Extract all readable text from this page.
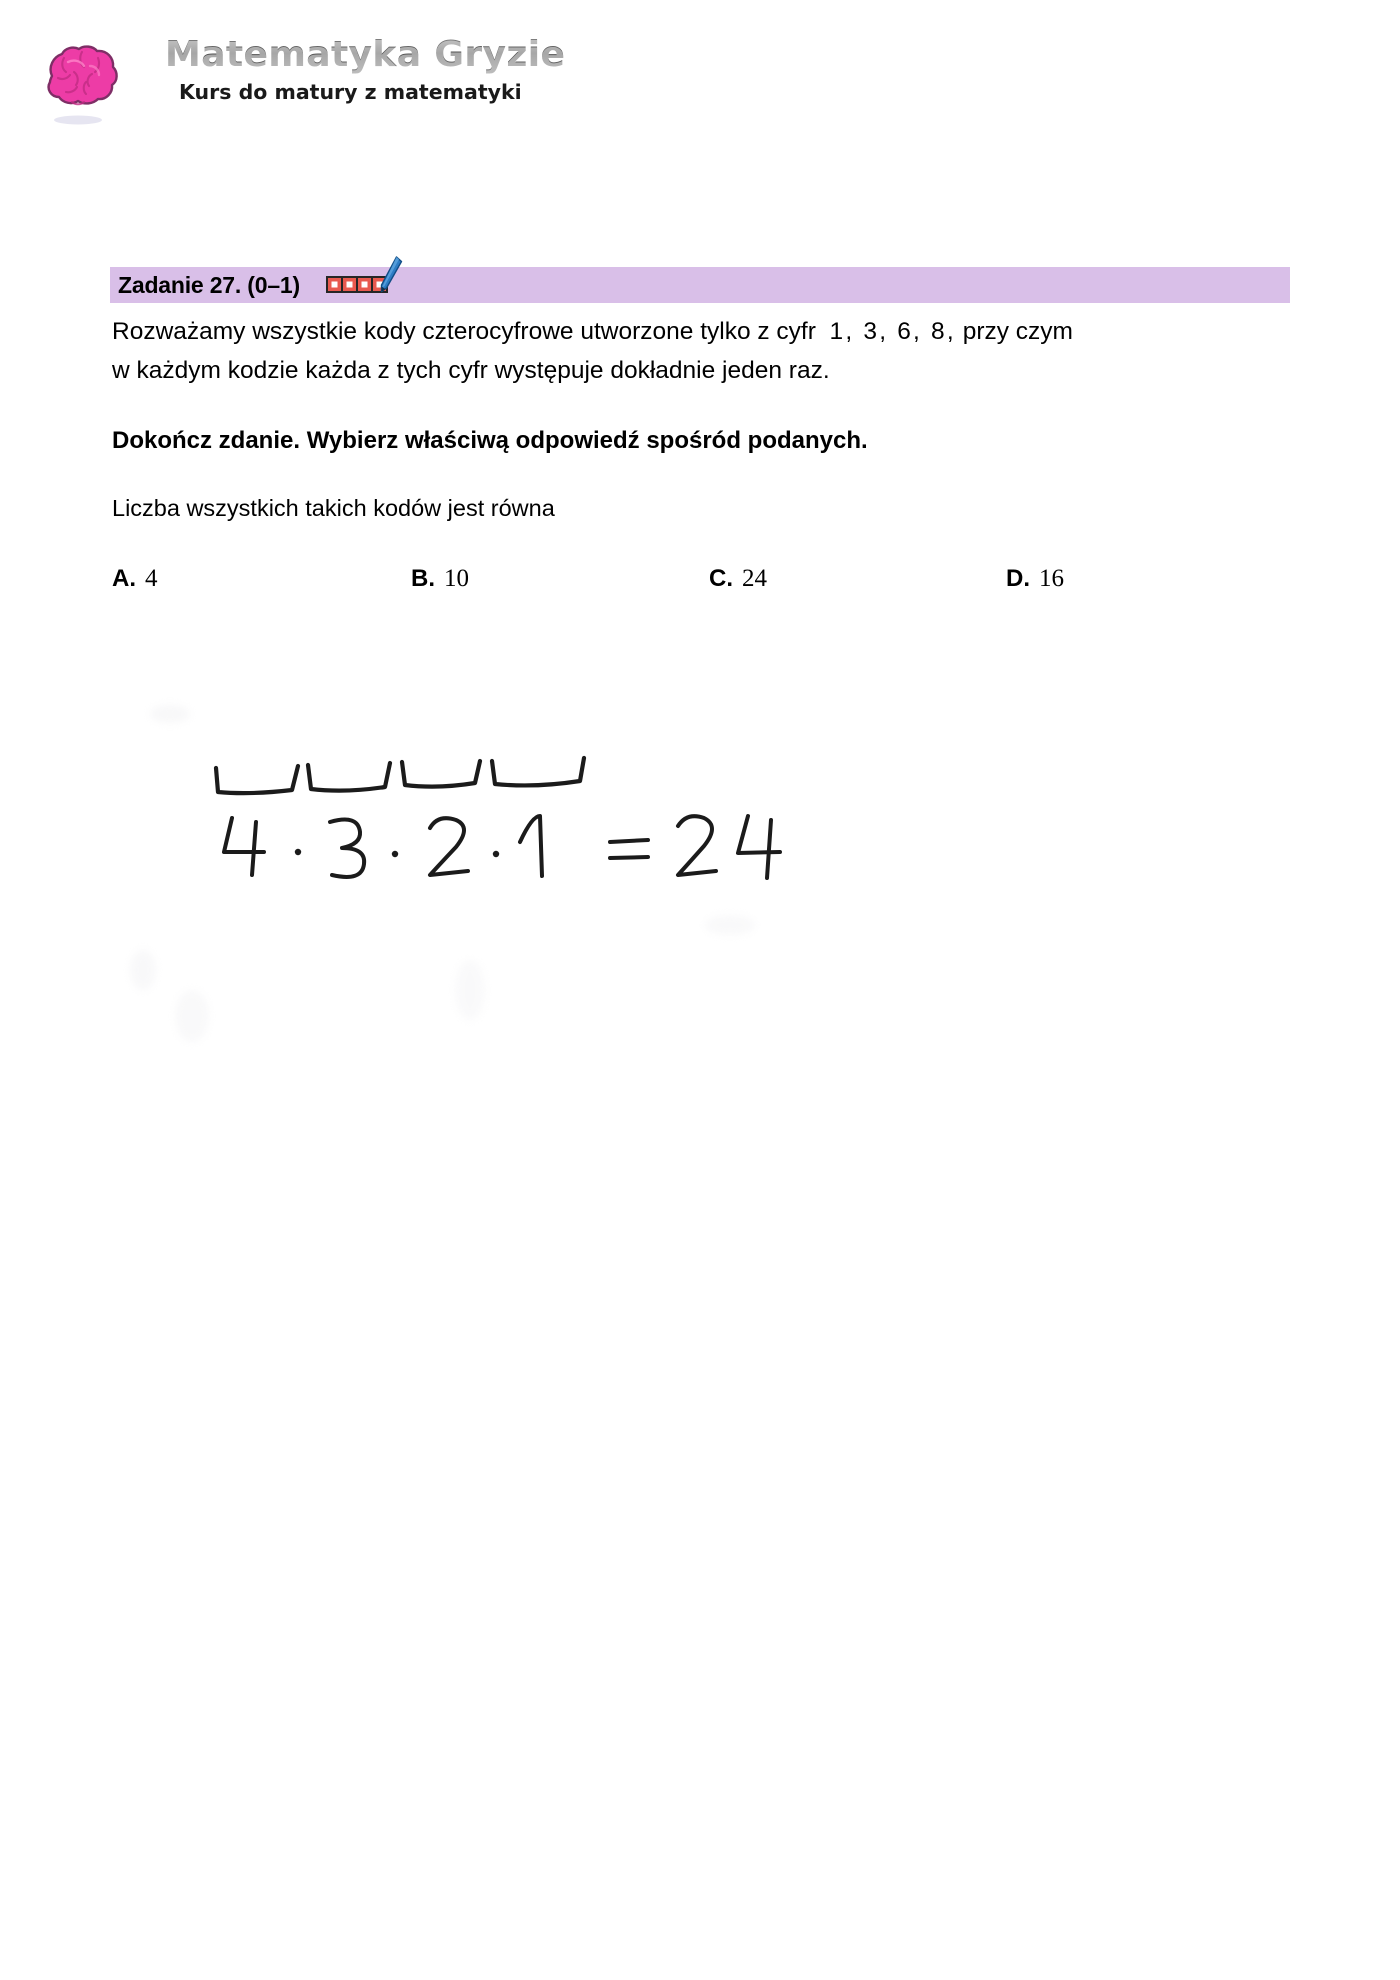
Matematyka Gryzie
Kurs do matury z matematyki
Zadanie 27. (0–1)
Rozważamy wszystkie kody czterocyfrowe utworzone tylko z cyfr 1, 3, 6, 8, przy czym
w każdym kodzie każda z tych cyfr występuje dokładnie jeden raz.
Dokończ zdanie. Wybierz właściwą odpowiedź spośród podanych.
Liczba wszystkich takich kodów jest równa
A. 4	B. 10	C. 24	D. 16
